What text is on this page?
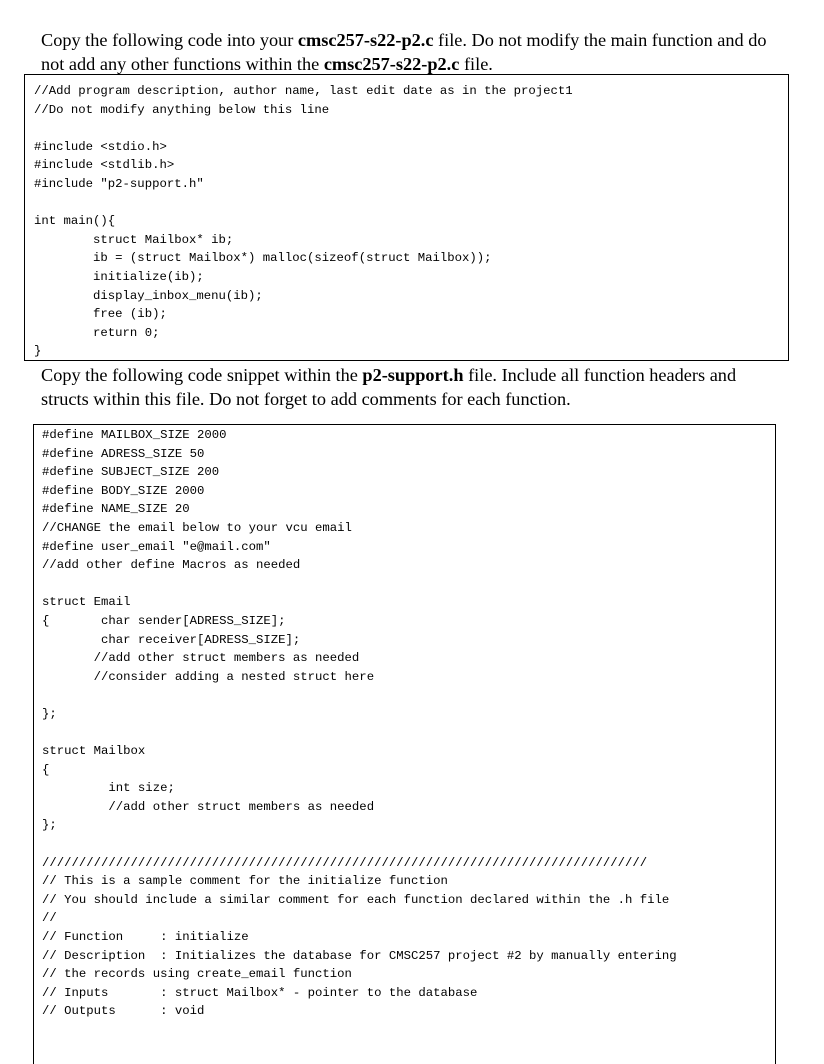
Copy the following code into your cmsc257-s22-p2.c file. Do not modify the main function and do not add any other functions within the cmsc257-s22-p2.c file.

//Add program description, author name, last edit date as in the project1
//Do not modify anything below this line

#include <stdio.h>
#include <stdlib.h>
#include "p2-support.h"

int main(){
struct Mailbox* ib;
ib = (struct Mailbox*) malloc(sizeof(struct Mailbox));
initialize(ib);
display_inbox_menu(ib);
free (ib);
return 0;
}

Copy the following code snippet within the p2-support.h file. Include all function headers and structs within this file. Do not forget to add comments for each function.

#define MAILBOX_SIZE 2000
#define ADRESS_SIZE 50
#define SUBJECT_SIZE 200
#define BODY_SIZE 2000
#define NAME_SIZE 20
//CHANGE the email below to your vcu email
#define user_email "e@mail.com"
//add other define Macros as needed

struct Email
{       char sender[ADRESS_SIZE];
char receiver[ADRESS_SIZE];
//add other struct members as needed
//consider adding a nested struct here

};

struct Mailbox
{
int size;
//add other struct members as needed
};

//////////////////////////////////////////////////////////////////////////////////
// This is a sample comment for the initialize function
// You should include a similar comment for each function declared within the .h file
//
// Function     : initialize
// Description  : Initializes the database for CMSC257 project #2 by manually entering
// the records using create_email function
// Inputs       : struct Mailbox* - pointer to the database
// Outputs      : void
